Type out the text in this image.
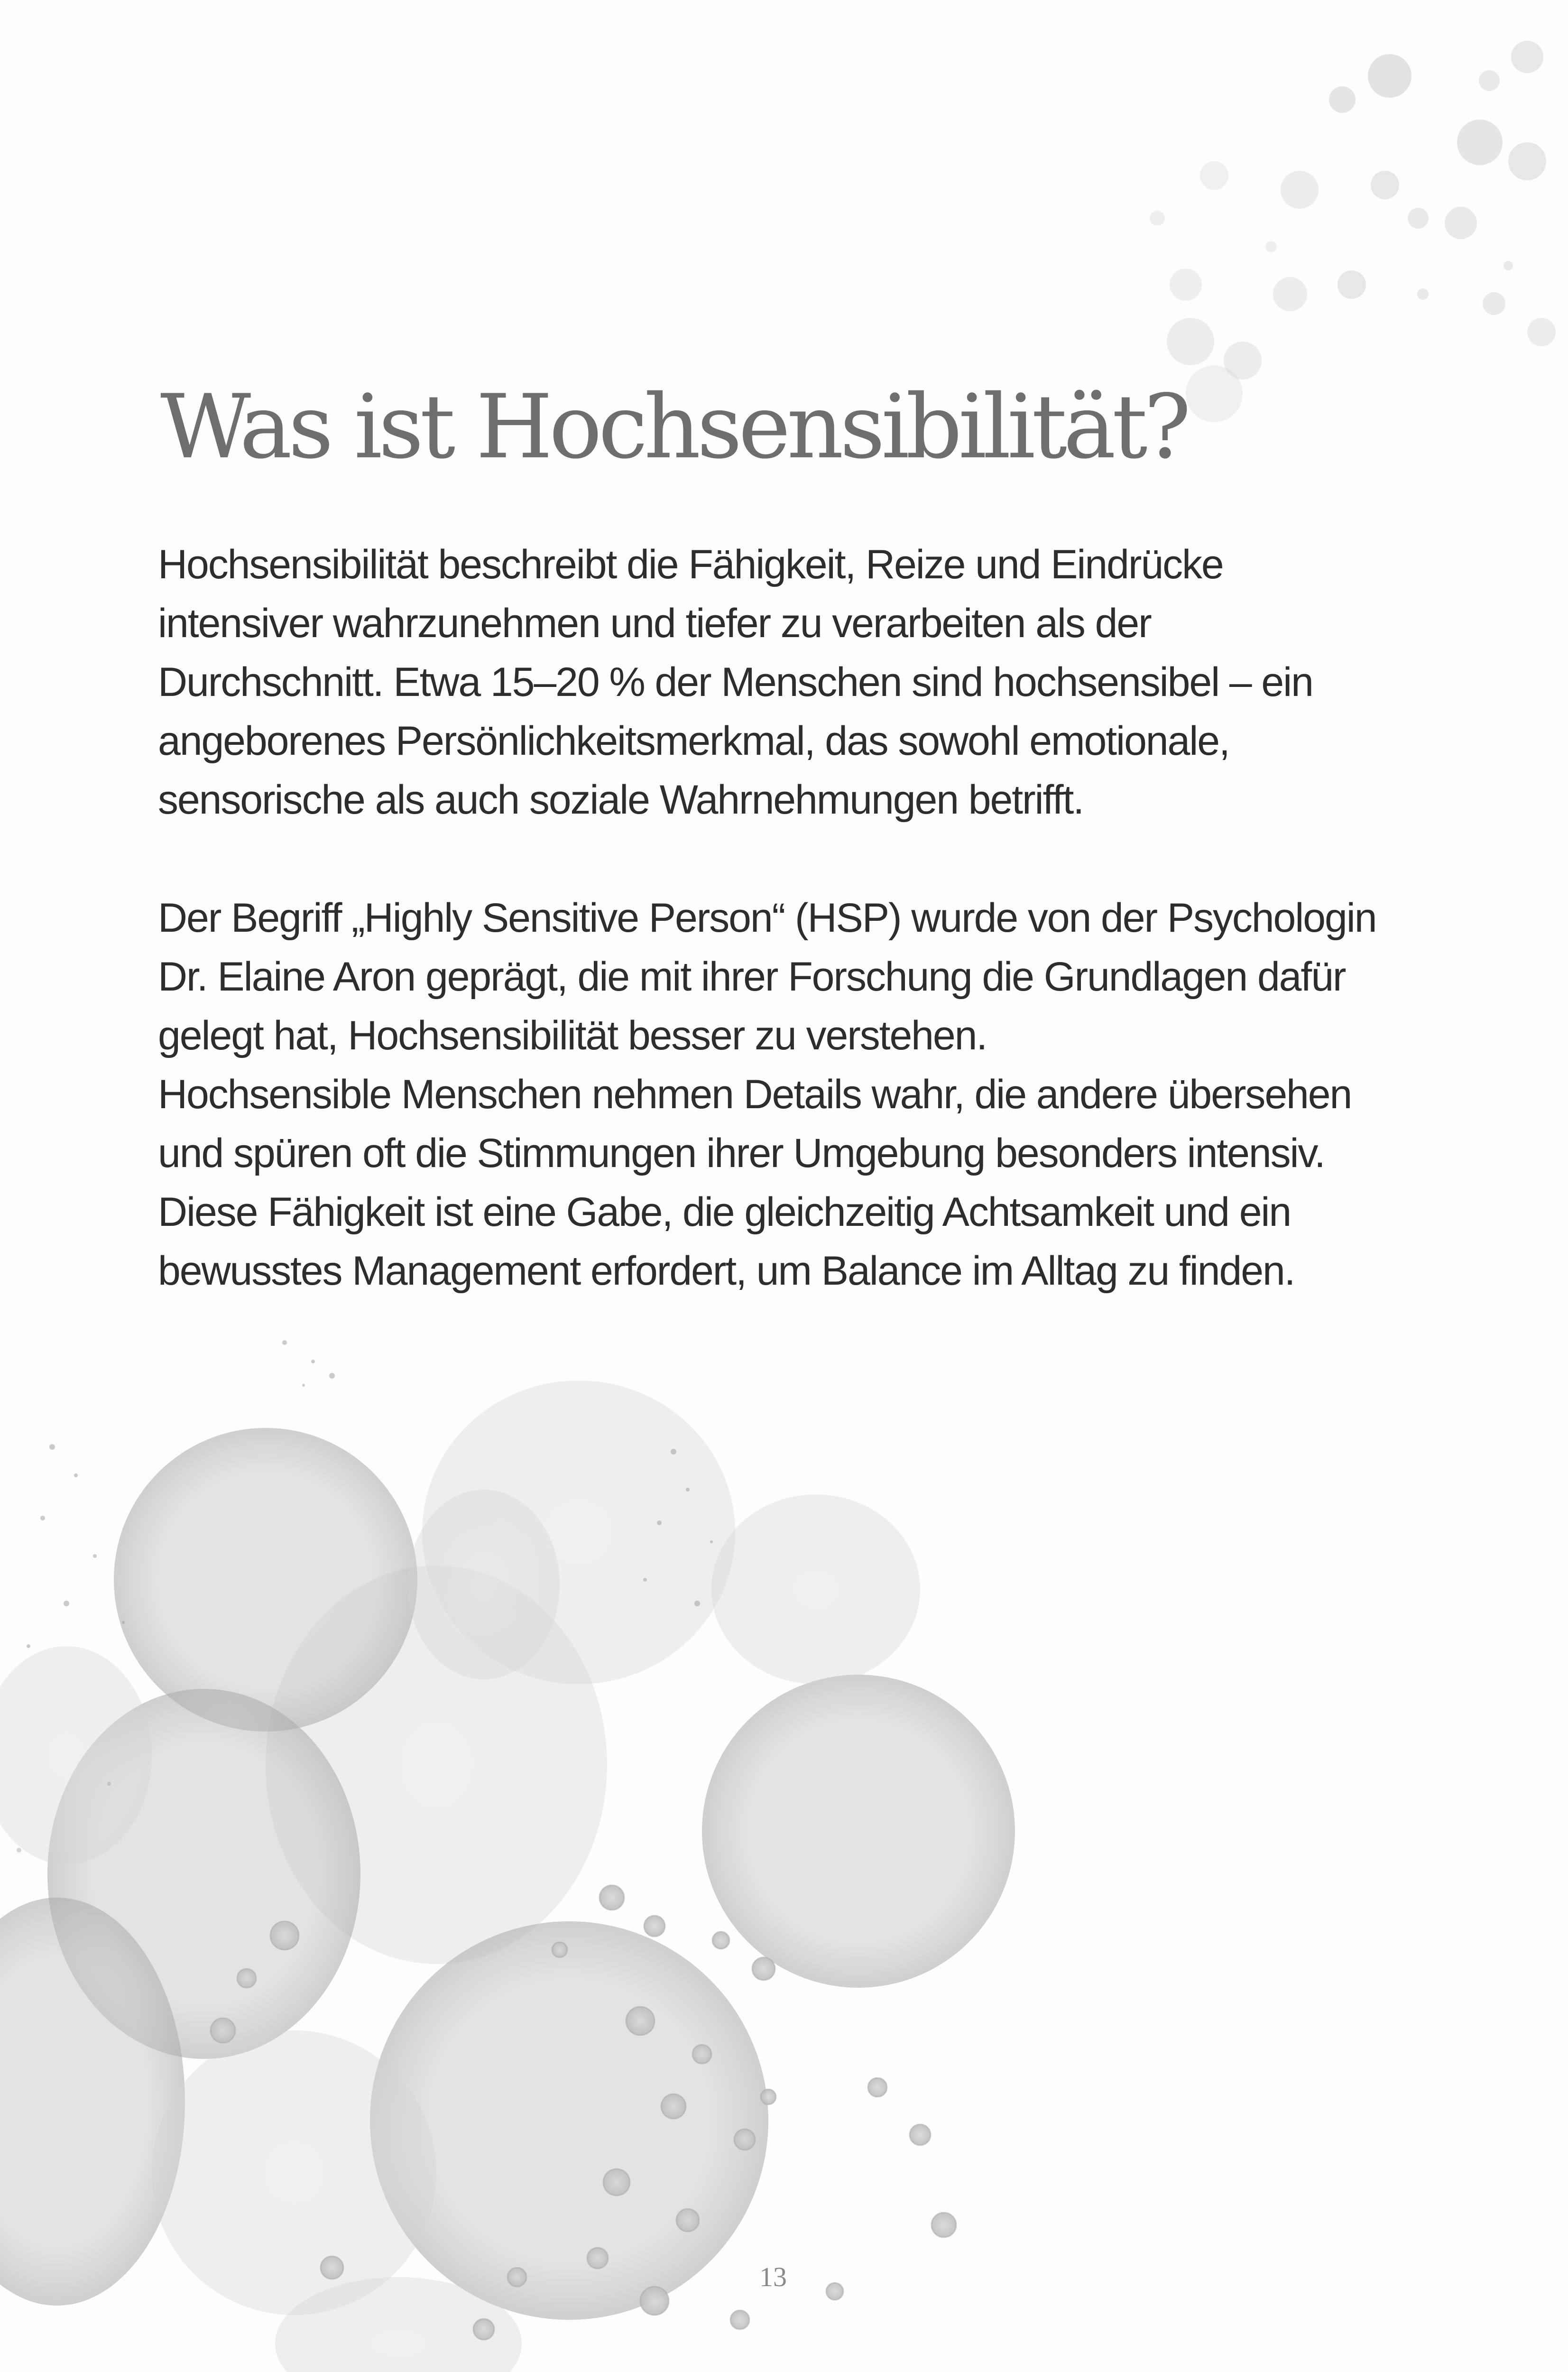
Was ist Hochsensibilität?
Hochsensibilität beschreibt die Fähigkeit, Reize und Eindrücke
intensiver wahrzunehmen und tiefer zu verarbeiten als der
Durchschnitt. Etwa 15–20 % der Menschen sind hochsensibel – ein
angeborenes Persönlichkeitsmerkmal, das sowohl emotionale,
sensorische als auch soziale Wahrnehmungen betrifft.
Der Begriff „Highly Sensitive Person“ (HSP) wurde von der Psychologin
Dr. Elaine Aron geprägt, die mit ihrer Forschung die Grundlagen dafür
gelegt hat, Hochsensibilität besser zu verstehen.
Hochsensible Menschen nehmen Details wahr, die andere übersehen
und spüren oft die Stimmungen ihrer Umgebung besonders intensiv.
Diese Fähigkeit ist eine Gabe, die gleichzeitig Achtsamkeit und ein
bewusstes Management erfordert, um Balance im Alltag zu finden.
13
